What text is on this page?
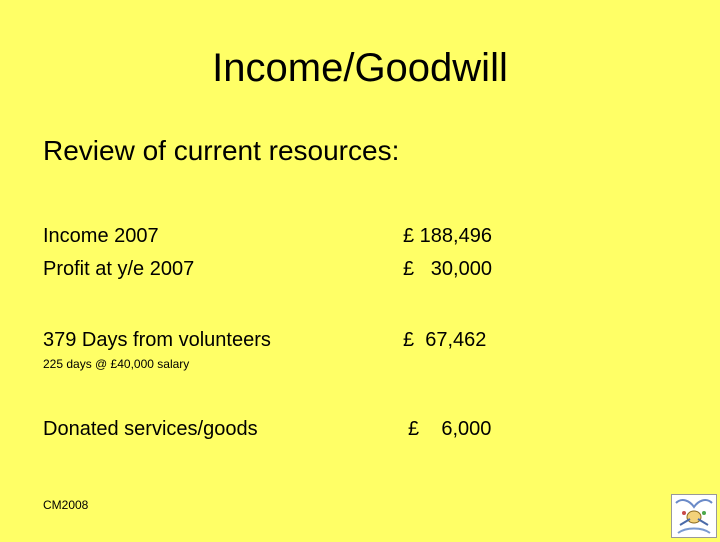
Income/Goodwill
Review of current resources:
Income 2007	£ 188,496
Profit at y/e 2007	£   30,000
379 Days from volunteers	£  67,462
225 days @ £40,000 salary
Donated services/goods	£    6,000
CM2008
